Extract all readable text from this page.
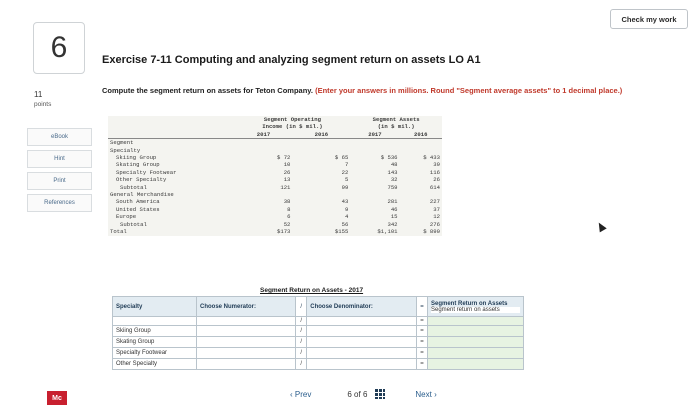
Check my work
6
11
points
eBook
Hint
Print
References
Exercise 7-11 Computing and analyzing segment return on assets LO A1
Compute the segment return on assets for Teton Company. (Enter your answers in millions. Round "Segment average assets" to 1 decimal place.)
	Segment Operating		Segment Assets	
	Income (in $ mil.)		(in $ mil.)	
	2017	2016	2017	2016
Segment				
Specialty				
Skiing Group	$ 72	$ 65	$ 536	$ 433
Skating Group	10	7	48	39
Specialty Footwear	26	22	143	116
Other Specialty	13	5	32	26
Subtotal	121	99	759	614
General Merchandise				
South America	38	43	281	227
United States	8	9	46	37
Europe	6	4	15	12
Subtotal	52	56	342	276
Total	$173	$155	$1,101	$ 890
Segment Return on Assets - 2017
Specialty	Choose Numerator:	/	Choose Denominator:	=	Segment Return on Assets
Segment return on assets

		/		=	
Skiing Group		/		=	
Skating Group		/		=	
Specialty Footwear		/		=	
Other Specialty		/		=	
‹ Prev	6 of 6	Next ›
Mc
